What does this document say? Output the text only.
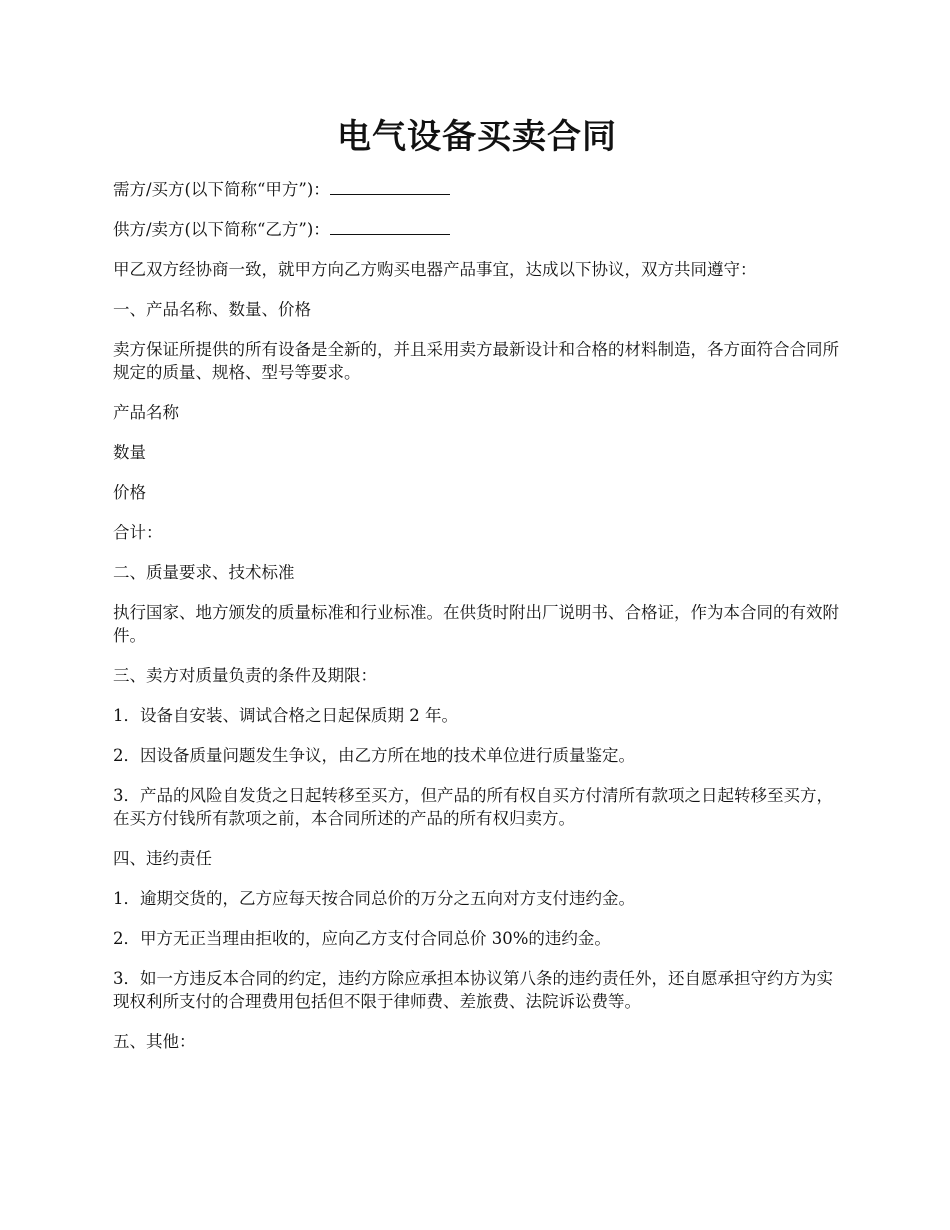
电气设备买卖合同

需方/买方(以下简称“甲方”)：

供方/卖方(以下简称“乙方”)：

甲乙双方经协商一致，就甲方向乙方购买电器产品事宜，达成以下协议，双方共同遵守：

一、产品名称、数量、价格

卖方保证所提供的所有设备是全新的，并且采用卖方最新设计和合格的材料制造，各方面符合合同所规定的质量、规格、型号等要求。

产品名称

数量

价格

合计：

二、质量要求、技术标准

执行国家、地方颁发的质量标准和行业标准。在供货时附出厂说明书、合格证，作为本合同的有效附件。

三、卖方对质量负责的条件及期限：

1．设备自安装、调试合格之日起保质期 2 年。

2．因设备质量问题发生争议，由乙方所在地的技术单位进行质量鉴定。

3．产品的风险自发货之日起转移至买方，但产品的所有权自买方付清所有款项之日起转移至买方，在买方付钱所有款项之前，本合同所述的产品的所有权归卖方。

四、违约责任

1．逾期交货的，乙方应每天按合同总价的万分之五向对方支付违约金。

2．甲方无正当理由拒收的，应向乙方支付合同总价 30%的违约金。

3．如一方违反本合同的约定，违约方除应承担本协议第八条的违约责任外，还自愿承担守约方为实现权利所支付的合理费用包括但不限于律师费、差旅费、法院诉讼费等。

五、其他：
